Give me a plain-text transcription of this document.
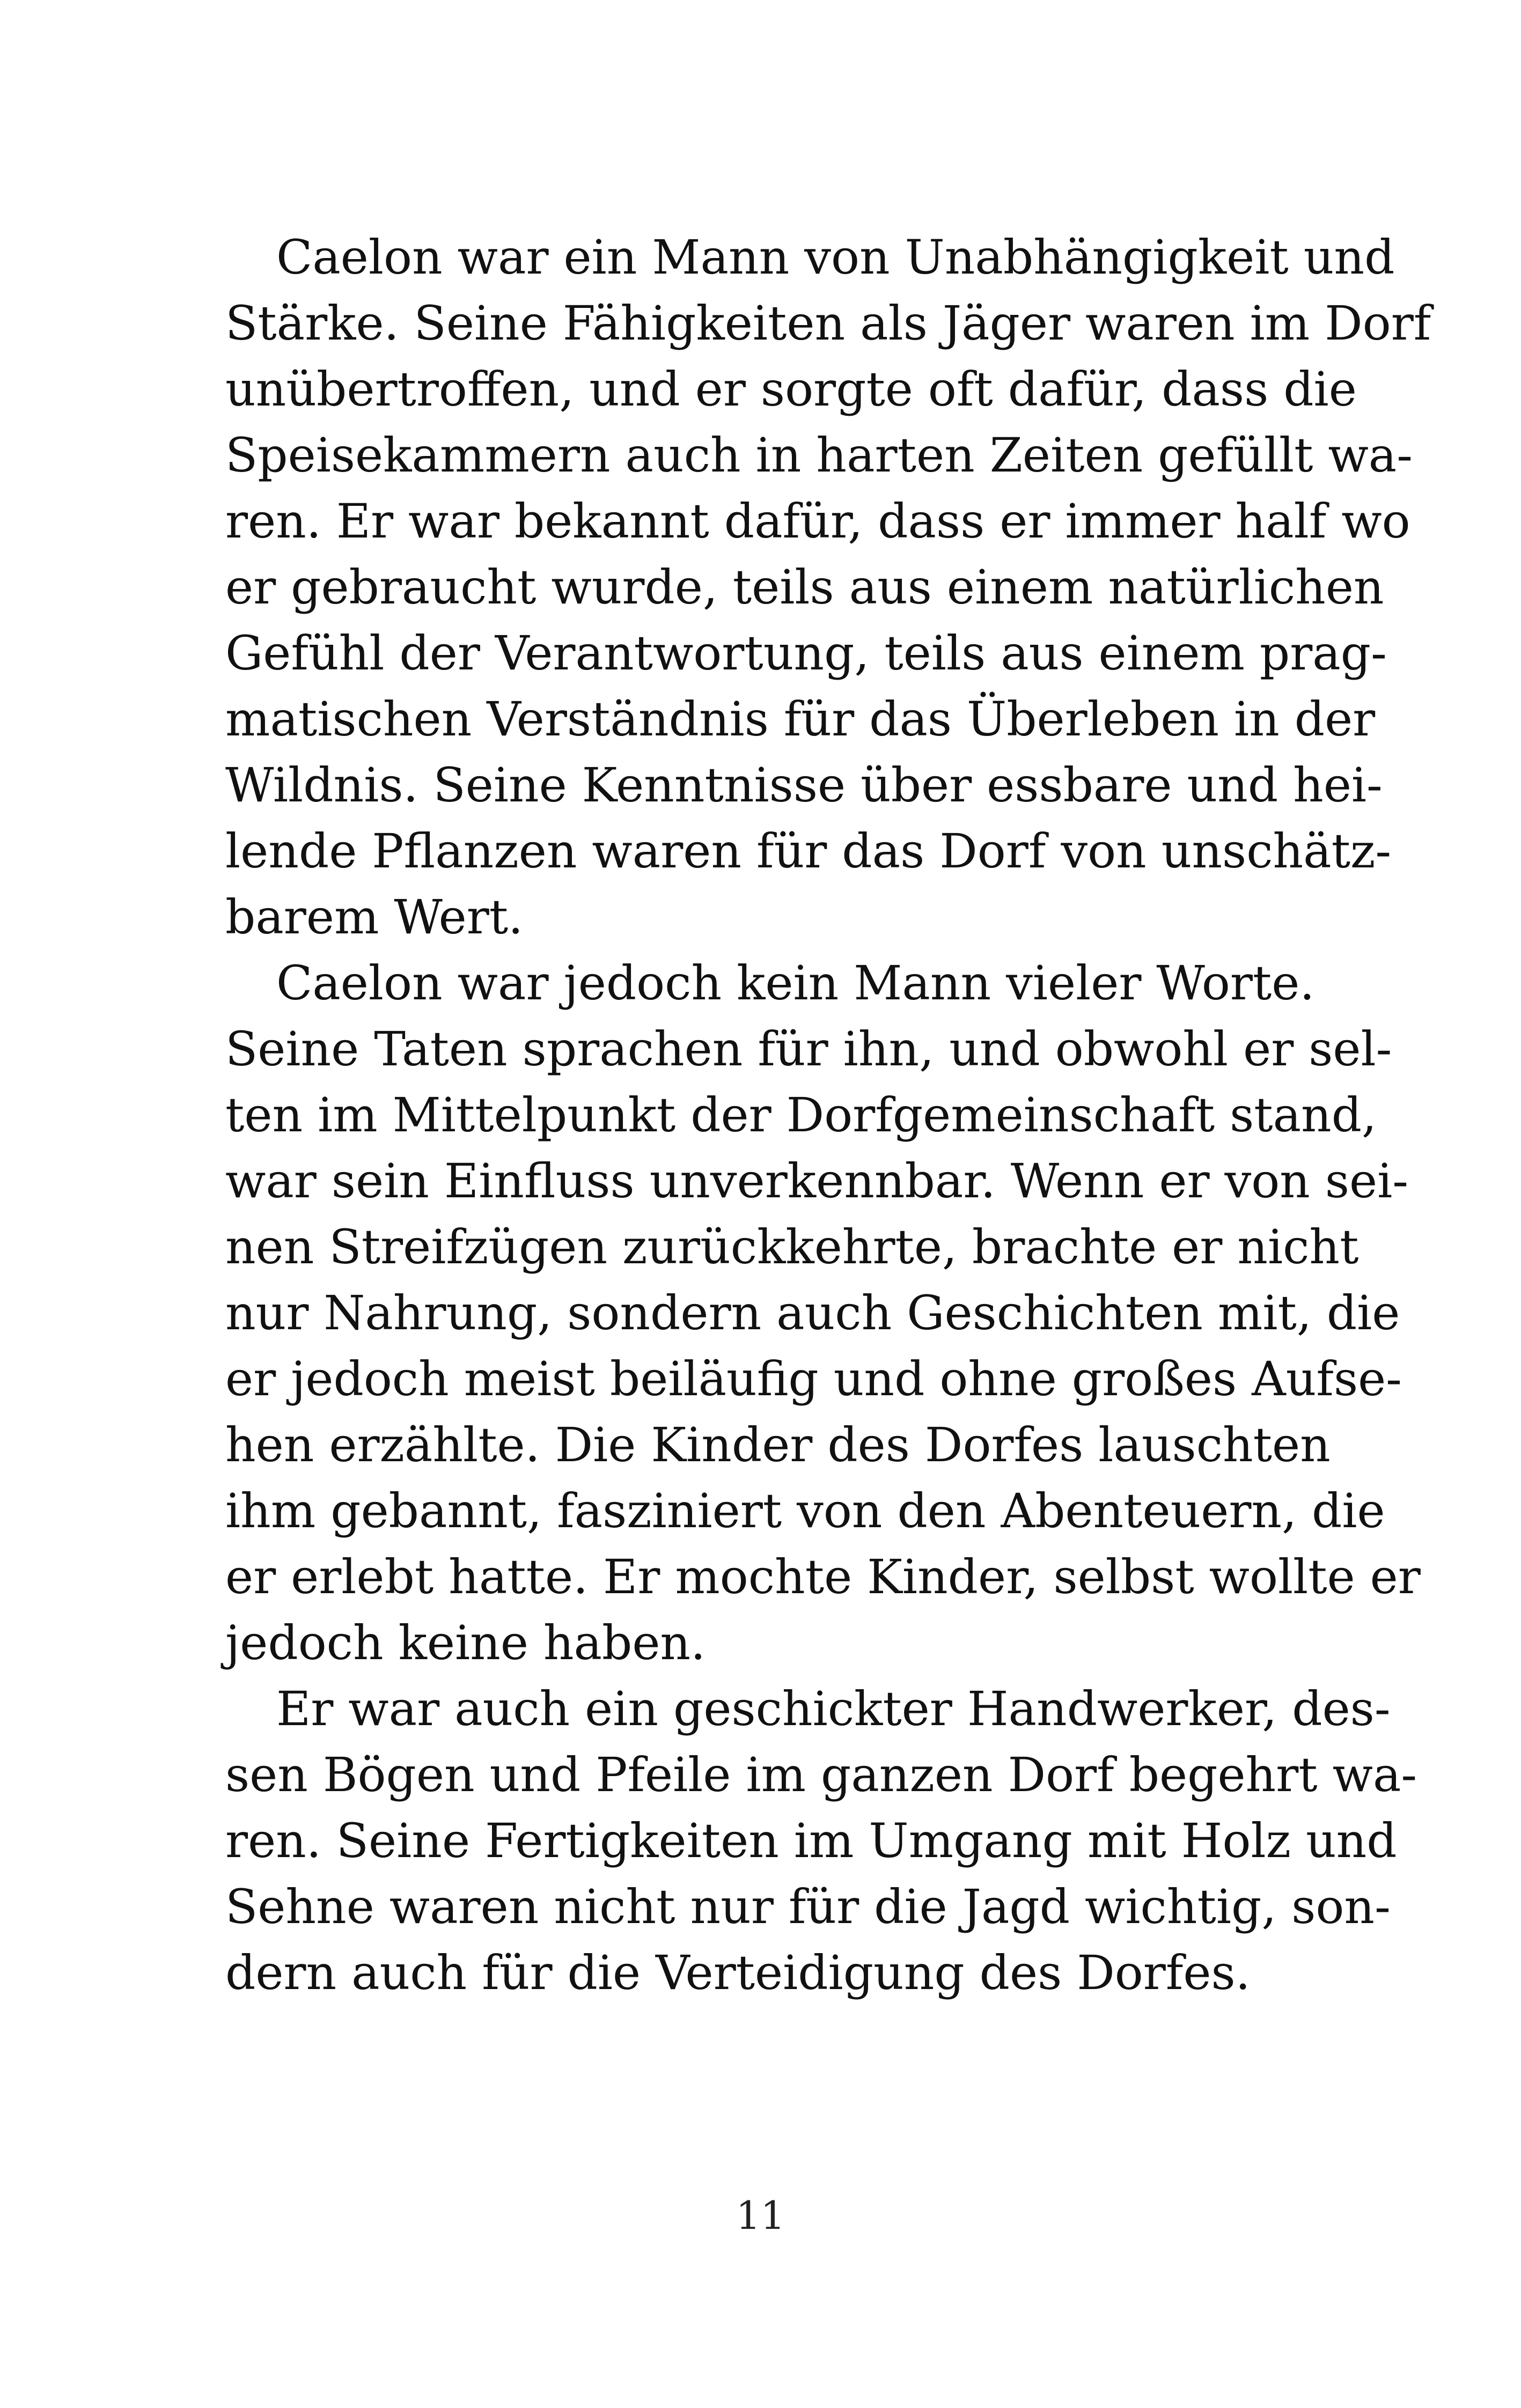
Caelon war ein Mann von Unabhängigkeit und
Stärke. Seine Fähigkeiten als Jäger waren im Dorf
unübertroffen, und er sorgte oft dafür, dass die
Speisekammern auch in harten Zeiten gefüllt wa-
ren. Er war bekannt dafür, dass er immer half wo
er gebraucht wurde, teils aus einem natürlichen
Gefühl der Verantwortung, teils aus einem prag-
matischen Verständnis für das Überleben in der
Wildnis. Seine Kenntnisse über essbare und hei-
lende Pflanzen waren für das Dorf von unschätz-
barem Wert.
Caelon war jedoch kein Mann vieler Worte.
Seine Taten sprachen für ihn, und obwohl er sel-
ten im Mittelpunkt der Dorfgemeinschaft stand,
war sein Einfluss unverkennbar. Wenn er von sei-
nen Streifzügen zurückkehrte, brachte er nicht
nur Nahrung, sondern auch Geschichten mit, die
er jedoch meist beiläufig und ohne großes Aufse-
hen erzählte. Die Kinder des Dorfes lauschten
ihm gebannt, fasziniert von den Abenteuern, die
er erlebt hatte. Er mochte Kinder, selbst wollte er
jedoch keine haben.
Er war auch ein geschickter Handwerker, des-
sen Bögen und Pfeile im ganzen Dorf begehrt wa-
ren. Seine Fertigkeiten im Umgang mit Holz und
Sehne waren nicht nur für die Jagd wichtig, son-
dern auch für die Verteidigung des Dorfes.
11
